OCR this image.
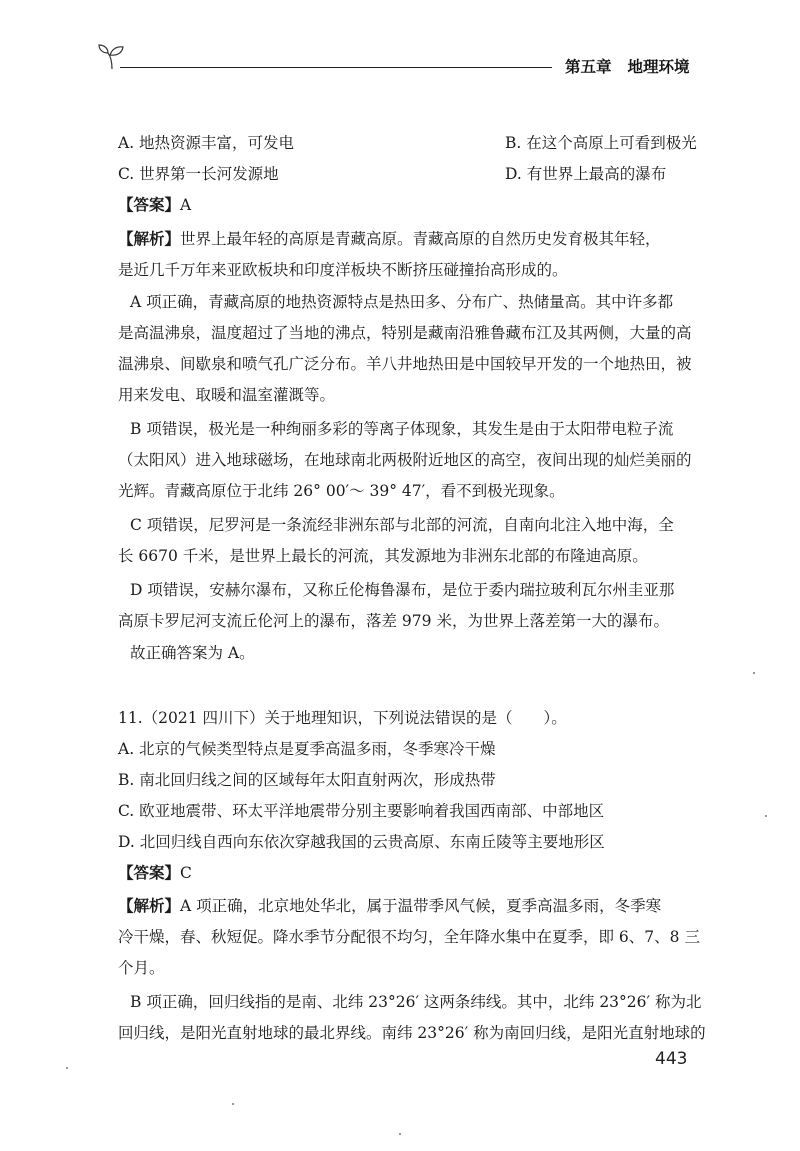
第五章 地理环境
A. 地热资源丰富，可发电	B. 在这个高原上可看到极光
C. 世界第一长河发源地	D. 有世界上最高的瀑布
【答案】A
【解析】世界上最年轻的高原是青藏高原。青藏高原的自然历史发育极其年轻，
是近几千万年来亚欧板块和印度洋板块不断挤压碰撞抬高形成的。
A 项正确，青藏高原的地热资源特点是热田多、分布广、热储量高。其中许多都
是高温沸泉，温度超过了当地的沸点，特别是藏南沿雅鲁藏布江及其两侧，大量的高
温沸泉、间歇泉和喷气孔广泛分布。羊八井地热田是中国较早开发的一个地热田，被
用来发电、取暖和温室灌溉等。
B 项错误，极光是一种绚丽多彩的等离子体现象，其发生是由于太阳带电粒子流
（太阳风）进入地球磁场，在地球南北两极附近地区的高空，夜间出现的灿烂美丽的
光辉。青藏高原位于北纬 26° 00′～ 39° 47′，看不到极光现象。
C 项错误，尼罗河是一条流经非洲东部与北部的河流，自南向北注入地中海，全
长 6670 千米，是世界上最长的河流，其发源地为非洲东北部的布隆迪高原。
D 项错误，安赫尔瀑布，又称丘伦梅鲁瀑布，是位于委内瑞拉玻利瓦尔州圭亚那
高原卡罗尼河支流丘伦河上的瀑布，落差 979 米，为世界上落差第一大的瀑布。
故正确答案为 A。
11.（2021 四川下）关于地理知识，下列说法错误的是（　　）。
A. 北京的气候类型特点是夏季高温多雨，冬季寒冷干燥
B. 南北回归线之间的区域每年太阳直射两次，形成热带
C. 欧亚地震带、环太平洋地震带分别主要影响着我国西南部、中部地区
D. 北回归线自西向东依次穿越我国的云贵高原、东南丘陵等主要地形区
【答案】C
【解析】A 项正确，北京地处华北，属于温带季风气候，夏季高温多雨，冬季寒
冷干燥，春、秋短促。降水季节分配很不均匀，全年降水集中在夏季，即 6、7、8 三
个月。
B 项正确，回归线指的是南、北纬 23°26′ 这两条纬线。其中，北纬 23°26′ 称为北
回归线，是阳光直射地球的最北界线。南纬 23°26′ 称为南回归线，是阳光直射地球的
443
